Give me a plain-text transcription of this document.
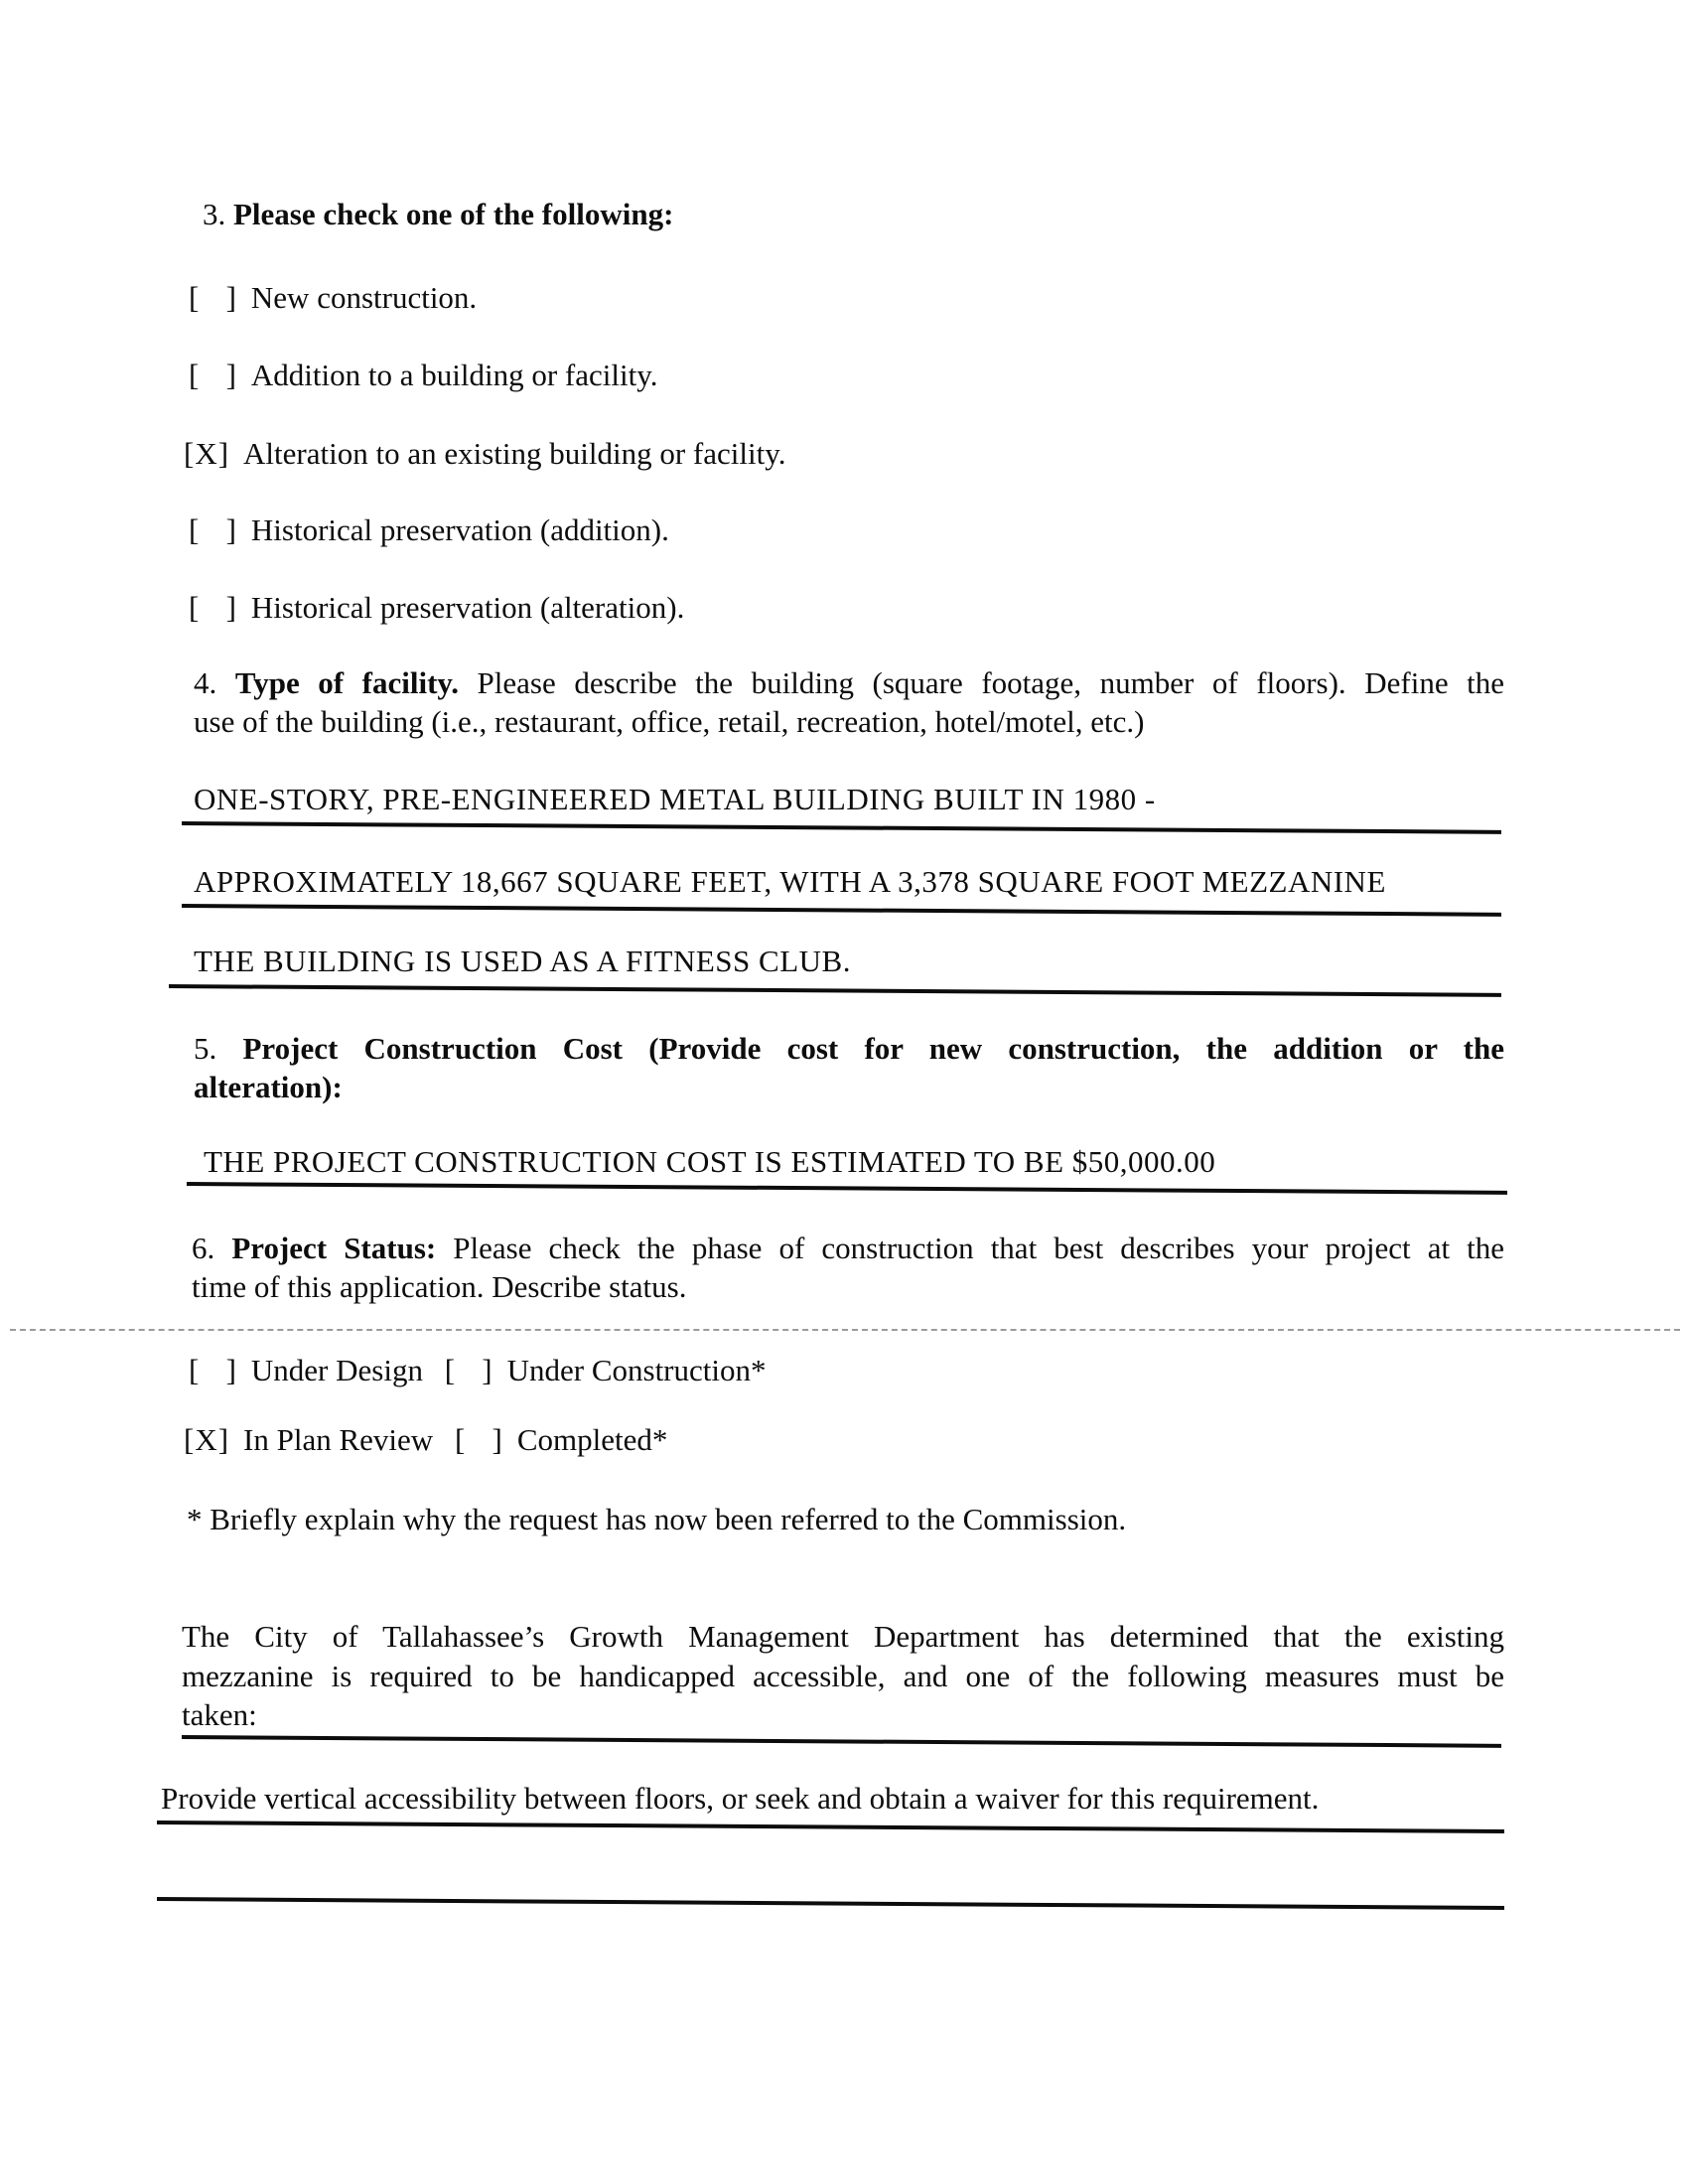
3. Please check one of the following:
[   ] New construction.
[   ] Addition to a building or facility.
[X] Alteration to an existing building or facility.
[   ] Historical preservation (addition).
[   ] Historical preservation (alteration).
4. Type of facility. Please describe the building (square footage, number of floors). Define the
use of the building (i.e., restaurant, office, retail, recreation, hotel/motel, etc.)
ONE-STORY, PRE-ENGINEERED METAL BUILDING BUILT IN 1980 -
APPROXIMATELY 18,667 SQUARE FEET, WITH A 3,378 SQUARE FOOT MEZZANINE
THE BUILDING IS USED AS A FITNESS CLUB.
5. Project Construction Cost (Provide cost for new construction, the addition or the
alteration):
THE PROJECT CONSTRUCTION COST IS ESTIMATED TO BE $50,000.00
6. Project Status: Please check the phase of construction that best describes your project at the
time of this application. Describe status.
[   ] Under Design [   ] Under Construction*
[X] In Plan Review [   ] Completed*
* Briefly explain why the request has now been referred to the Commission.
The City of Tallahassee’s Growth Management Department has determined that the existing
mezzanine is required to be handicapped accessible, and one of the following measures must be
taken:
Provide vertical accessibility between floors, or seek and obtain a waiver for this requirement.
